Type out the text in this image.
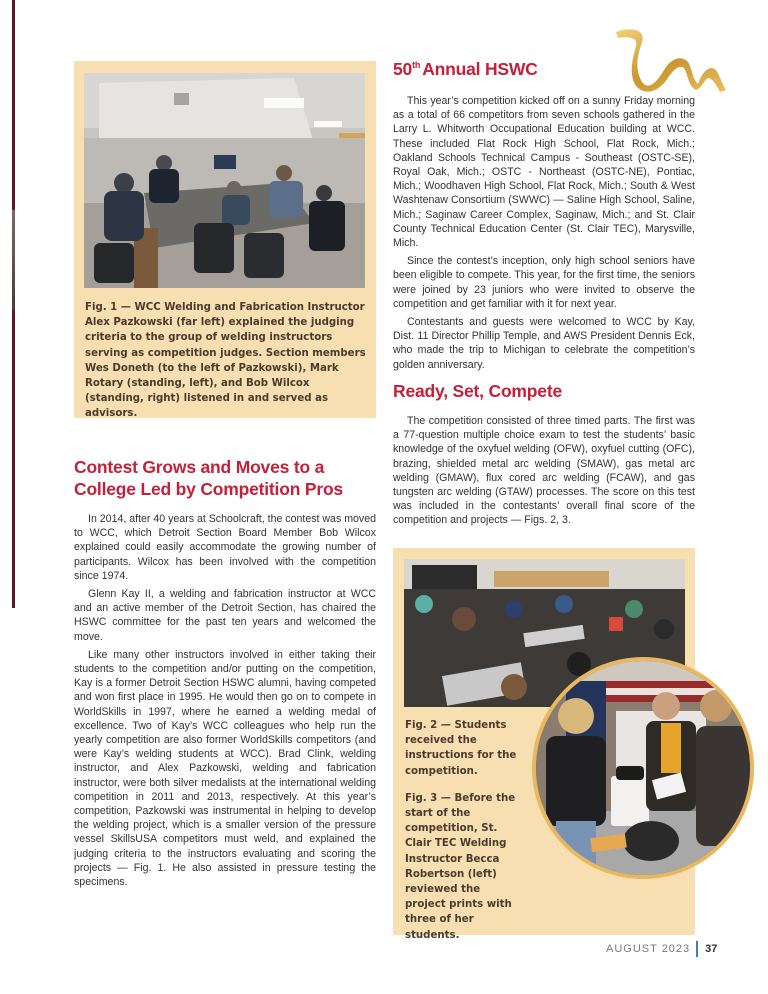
Fig. 1 — WCC Welding and Fabrication Instructor Alex Pazkowski (far left) explained the judging criteria to the group of welding instructors serving as competition judges. Section members Wes Doneth (to the left of Pazkowski), Mark Rotary (standing, left), and Bob Wilcox (standing, right) listened in and served as advisors.
50th Annual HSWC

This year’s competition kicked off on a sunny Friday morning as a total of 66 competitors from seven schools gathered in the Larry L. Whitworth Occupational Education building at WCC. These included Flat Rock High School, Flat Rock, Mich.; Oakland Schools Technical Campus - Southeast (OSTC-SE), Royal Oak, Mich.; OSTC - Northeast (OSTC-NE), Pontiac, Mich.; Woodhaven High School, Flat Rock, Mich.; South & West Washtenaw Consortium (SWWC) — Saline High School, Saline, Mich.; Saginaw Career Complex, Saginaw, Mich.; and St. Clair County Technical Education Center (St. Clair TEC), Marysville, Mich.

Since the contest’s inception, only high school seniors have been eligible to compete. This year, for the first time, the seniors were joined by 23 juniors who were invited to observe the competition and get familiar with it for next year.

Contestants and guests were welcomed to WCC by Kay, Dist. 11 Director Phillip Temple, and AWS President Dennis Eck, who made the trip to Michigan to celebrate the competition’s golden anniversary.

Ready, Set, Compete

The competition consisted of three timed parts. The first was a 77-question multiple choice exam to test the students’ basic knowledge of the oxyfuel welding (OFW), oxyfuel cutting (OFC), brazing, shielded metal arc welding (SMAW), gas metal arc welding (GMAW), flux cored arc welding (FCAW), and gas tungsten arc welding (GTAW) processes. The score on this test was included in the contestants’ overall final score of the competition and projects — Figs. 2, 3.

Contest Grows and Moves to a College Led by Competition Pros

In 2014, after 40 years at Schoolcraft, the contest was moved to WCC, which Detroit Section Board Member Bob Wilcox explained could easily accommodate the growing number of participants. Wilcox has been involved with the competition since 1974.

Glenn Kay II, a welding and fabrication instructor at WCC and an active member of the Detroit Section, has chaired the HSWC committee for the past ten years and welcomed the move.

Like many other instructors involved in either taking their students to the competition and/or putting on the competition, Kay is a former Detroit Section HSWC alumni, having competed and won first place in 1995. He would then go on to compete in WorldSkills in 1997, where he earned a welding medal of excellence. Two of Kay’s WCC colleagues who help run the yearly competition are also former WorldSkills competitors (and were Kay’s welding students at WCC). Brad Clink, welding instructor, and Alex Pazkowski, welding and fabrication instructor, were both silver medalists at the international welding competition in 2011 and 2013, respectively. At this year’s competition, Pazkowski was instrumental in helping to develop the welding project, which is a smaller version of the pressure vessel SkillsUSA competitors must weld, and explained the judging criteria to the instructors evaluating and scoring the projects — Fig. 1. He also assisted in pressure testing the specimens.

Fig. 2 — Students received the instructions for the competition.

Fig. 3 — Before the start of the competition, St. Clair TEC Welding Instructor Becca Robertson (left) reviewed the project prints with three of her students.

AUGUST 2023 37
